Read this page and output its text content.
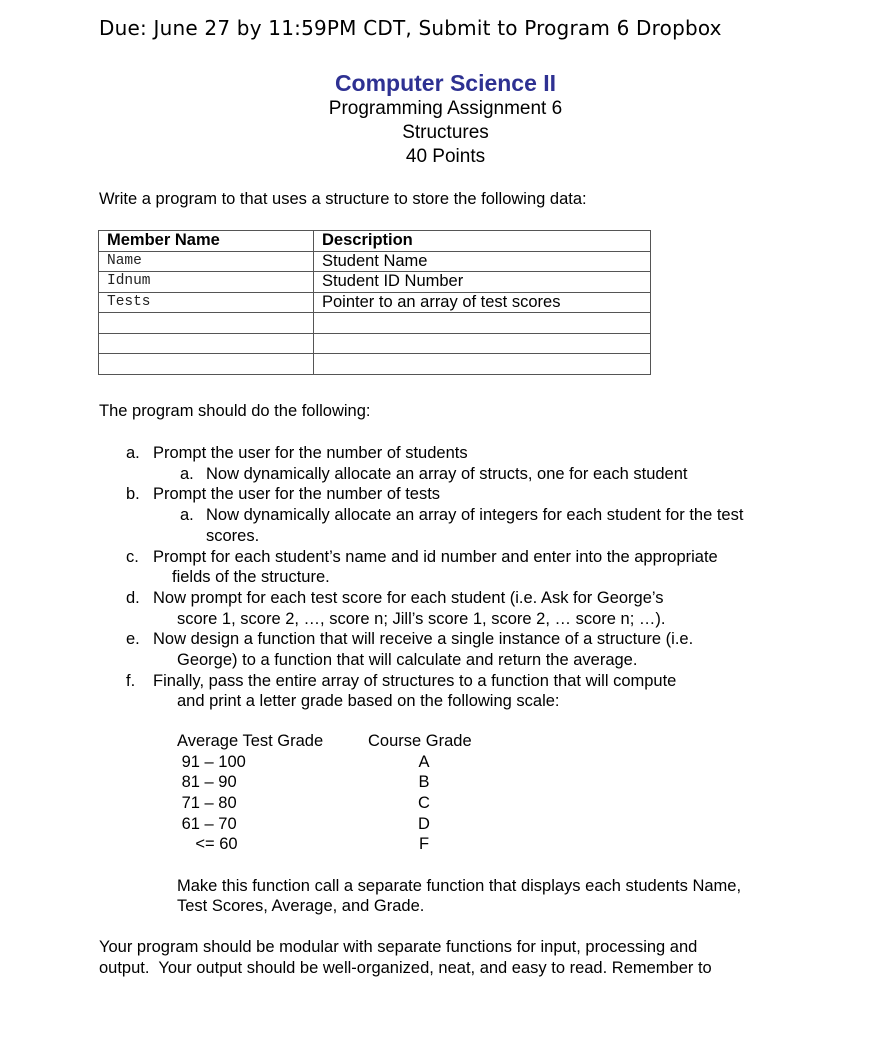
Due: June 27 by 11:59PM CDT, Submit to Program 6 Dropbox
Computer Science II
Programming Assignment 6
Structures
40 Points
Write a program to that uses a structure to store the following data:
Member Name	Description
Name	Student Name
Idnum	Student ID Number
Tests	Pointer to an array of test scores

The program should do the following:
a. Prompt the user for the number of students
a. Now dynamically allocate an array of structs, one for each student
b. Prompt the user for the number of tests
a. Now dynamically allocate an array of integers for each student for the test
scores.
c. Prompt for each student’s name and id number and enter into the appropriate
fields of the structure.
d. Now prompt for each test score for each student (i.e. Ask for George’s
score 1, score 2, …, score n; Jill’s score 1, score 2, … score n; …).
e. Now design a function that will receive a single instance of a structure (i.e.
George) to a function that will calculate and return the average.
f. Finally, pass the entire array of structures to a function that will compute
and print a letter grade based on the following scale:
Average Test Grade	Course Grade
91 – 100	A
81 – 90	B
71 – 80	C
61 – 70	D
<= 60	F
Make this function call a separate function that displays each students Name,
Test Scores, Average, and Grade.
Your program should be modular with separate functions for input, processing and
output.  Your output should be well-organized, neat, and easy to read. Remember to
